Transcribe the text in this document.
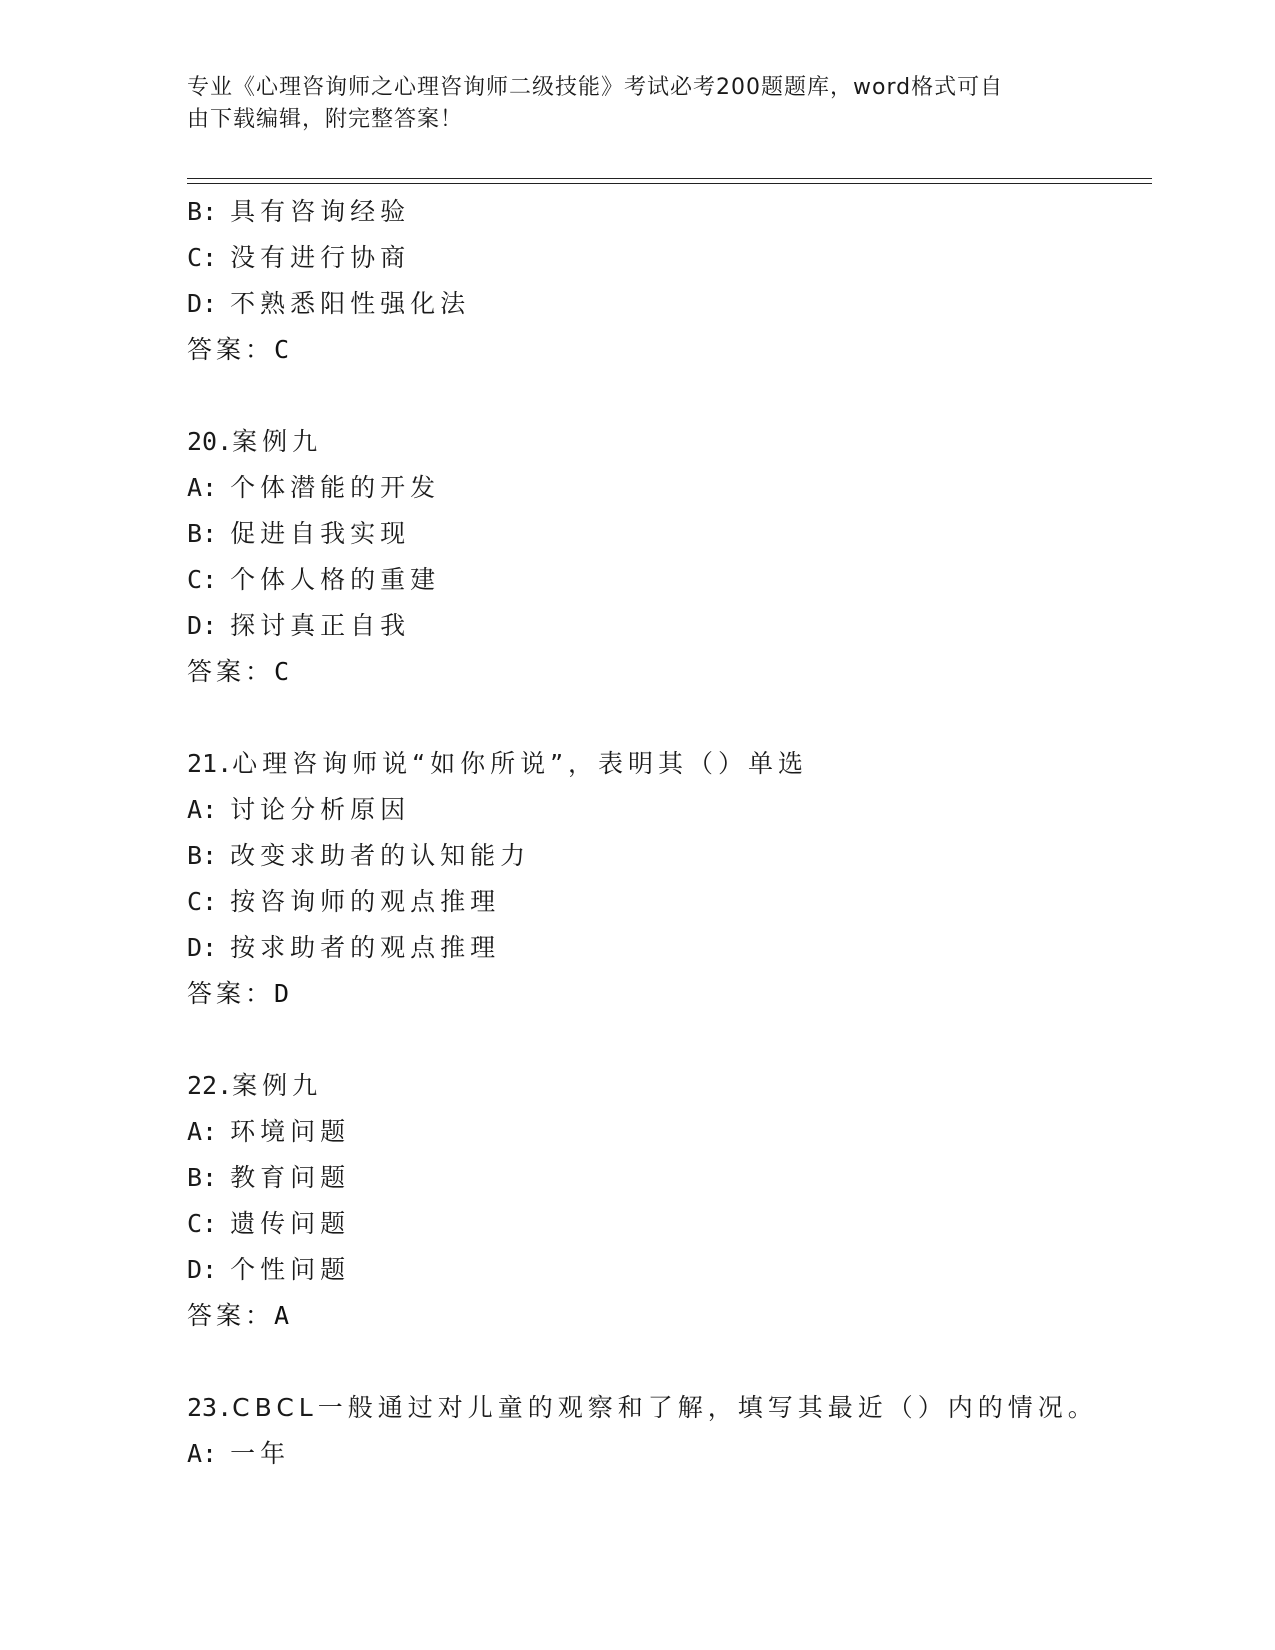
专业《心理咨询师之心理咨询师二级技能》考试必考200题题库，word格式可自
由下载编辑，附完整答案！
B: 具有咨询经验
C: 没有进行协商
D: 不熟悉阳性强化法
答案：C
20.案例九
A: 个体潜能的开发
B: 促进自我实现
C: 个体人格的重建
D: 探讨真正自我
答案：C
21.心理咨询师说“如你所说”，表明其（）单选
A: 讨论分析原因
B: 改变求助者的认知能力
C: 按咨询师的观点推理
D: 按求助者的观点推理
答案：D
22.案例九
A: 环境问题
B: 教育问题
C: 遗传问题
D: 个性问题
答案：A
23.CBCL一般通过对儿童的观察和了解，填写其最近（）内的情况。
A: 一年
